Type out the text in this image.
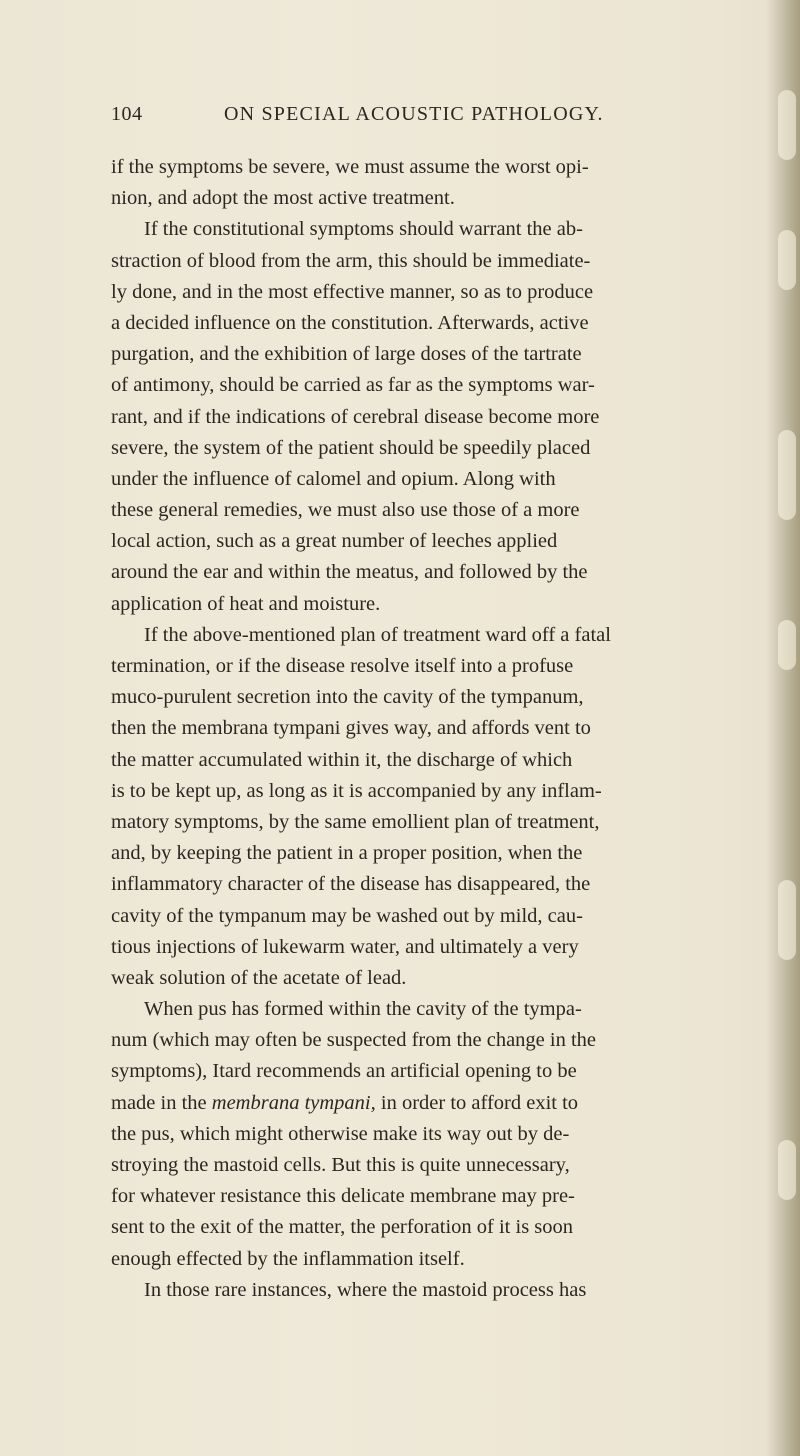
104	ON SPECIAL ACOUSTIC PATHOLOGY.
if the symptoms be severe, we must assume the worst opi-
nion, and adopt the most active treatment.
If the constitutional symptoms should warrant the ab-
straction of blood from the arm, this should be immediate-
ly done, and in the most effective manner, so as to produce
a decided influence on the constitution. Afterwards, active
purgation, and the exhibition of large doses of the tartrate
of antimony, should be carried as far as the symptoms war-
rant, and if the indications of cerebral disease become more
severe, the system of the patient should be speedily placed
under the influence of calomel and opium. Along with
these general remedies, we must also use those of a more
local action, such as a great number of leeches applied
around the ear and within the meatus, and followed by the
application of heat and moisture.
If the above-mentioned plan of treatment ward off a fatal
termination, or if the disease resolve itself into a profuse
muco-purulent secretion into the cavity of the tympanum,
then the membrana tympani gives way, and affords vent to
the matter accumulated within it, the discharge of which
is to be kept up, as long as it is accompanied by any inflam-
matory symptoms, by the same emollient plan of treatment,
and, by keeping the patient in a proper position, when the
inflammatory character of the disease has disappeared, the
cavity of the tympanum may be washed out by mild, cau-
tious injections of lukewarm water, and ultimately a very
weak solution of the acetate of lead.
When pus has formed within the cavity of the tympa-
num (which may often be suspected from the change in the
symptoms), Itard recommends an artificial opening to be
made in the membrana tympani, in order to afford exit to
the pus, which might otherwise make its way out by de-
stroying the mastoid cells. But this is quite unnecessary,
for whatever resistance this delicate membrane may pre-
sent to the exit of the matter, the perforation of it is soon
enough effected by the inflammation itself.
In those rare instances, where the mastoid process has
